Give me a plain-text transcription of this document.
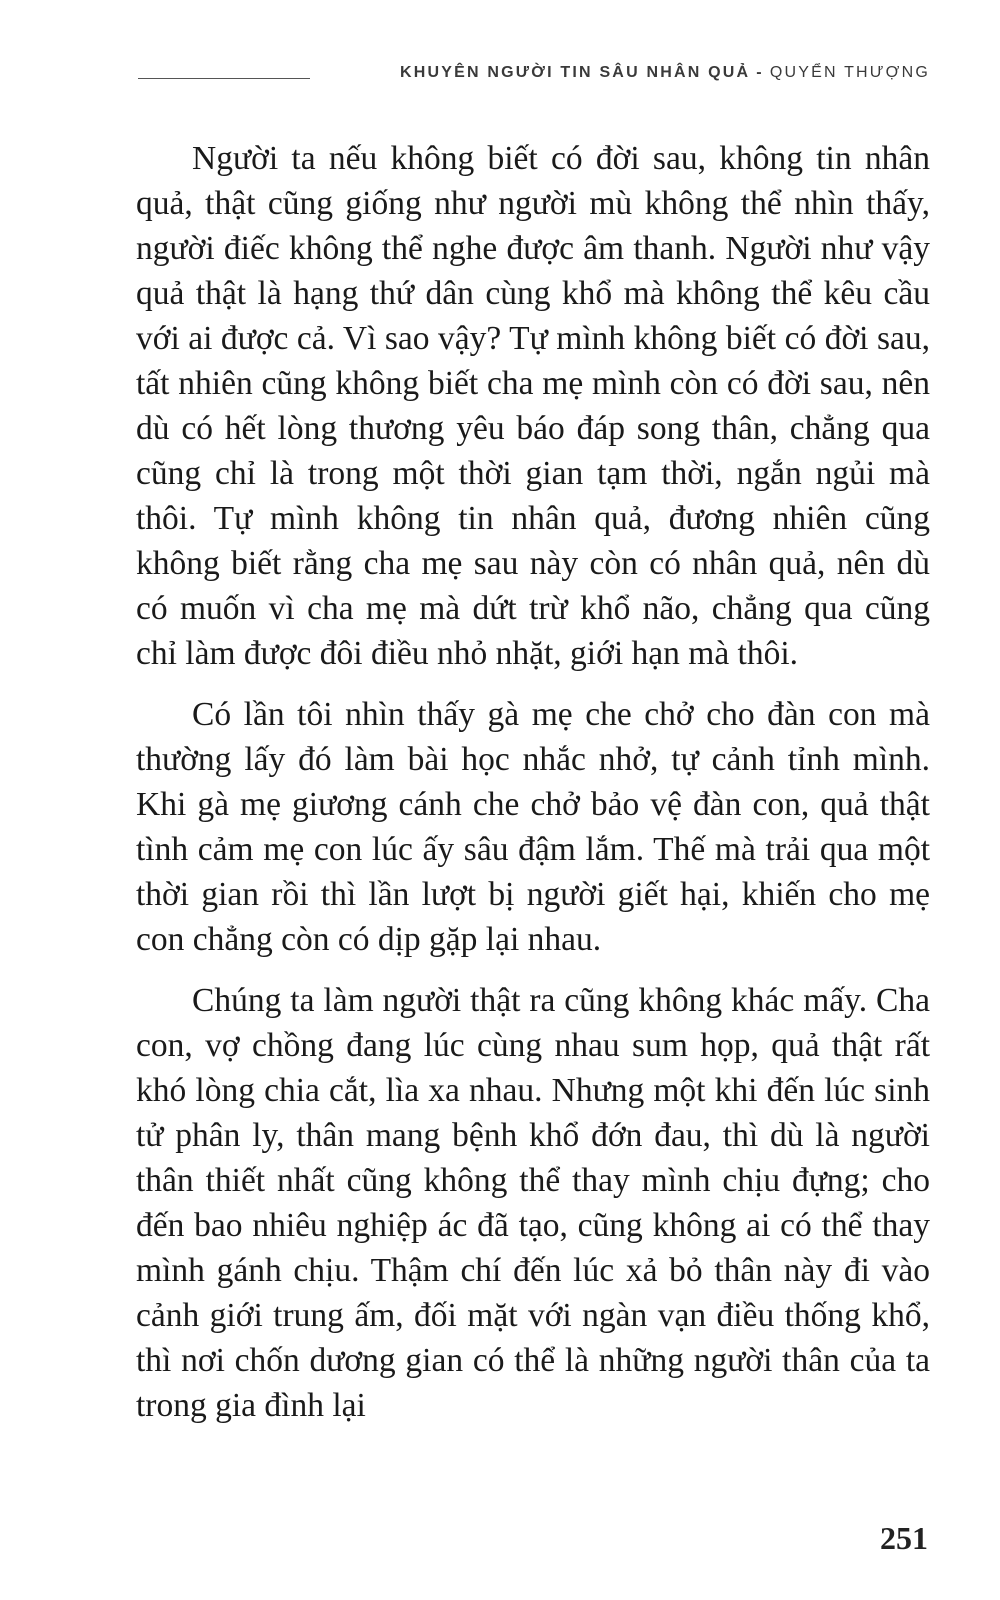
KHUYÊN NGƯỜI TIN SÂU NHÂN QUẢ - QUYỂN THƯỢNG

Người ta nếu không biết có đời sau, không tin nhân quả, thật cũng giống như người mù không thể nhìn thấy, người điếc không thể nghe được âm thanh. Người như vậy quả thật là hạng thứ dân cùng khổ mà không thể kêu cầu với ai được cả. Vì sao vậy? Tự mình không biết có đời sau, tất nhiên cũng không biết cha mẹ mình còn có đời sau, nên dù có hết lòng thương yêu báo đáp song thân, chẳng qua cũng chỉ là trong một thời gian tạm thời, ngắn ngủi mà thôi. Tự mình không tin nhân quả, đương nhiên cũng không biết rằng cha mẹ sau này còn có nhân quả, nên dù có muốn vì cha mẹ mà dứt trừ khổ não, chẳng qua cũng chỉ làm được đôi điều nhỏ nhặt, giới hạn mà thôi.

Có lần tôi nhìn thấy gà mẹ che chở cho đàn con mà thường lấy đó làm bài học nhắc nhở, tự cảnh tỉnh mình. Khi gà mẹ giương cánh che chở bảo vệ đàn con, quả thật tình cảm mẹ con lúc ấy sâu đậm lắm. Thế mà trải qua một thời gian rồi thì lần lượt bị người giết hại, khiến cho mẹ con chẳng còn có dịp gặp lại nhau.

Chúng ta làm người thật ra cũng không khác mấy. Cha con, vợ chồng đang lúc cùng nhau sum họp, quả thật rất khó lòng chia cắt, lìa xa nhau. Nhưng một khi đến lúc sinh tử phân ly, thân mang bệnh khổ đớn đau, thì dù là người thân thiết nhất cũng không thể thay mình chịu đựng; cho đến bao nhiêu nghiệp ác đã tạo, cũng không ai có thể thay mình gánh chịu. Thậm chí đến lúc xả bỏ thân này đi vào cảnh giới trung ấm, đối mặt với ngàn vạn điều thống khổ, thì nơi chốn dương gian có thể là những người thân của ta trong gia đình lại

251
